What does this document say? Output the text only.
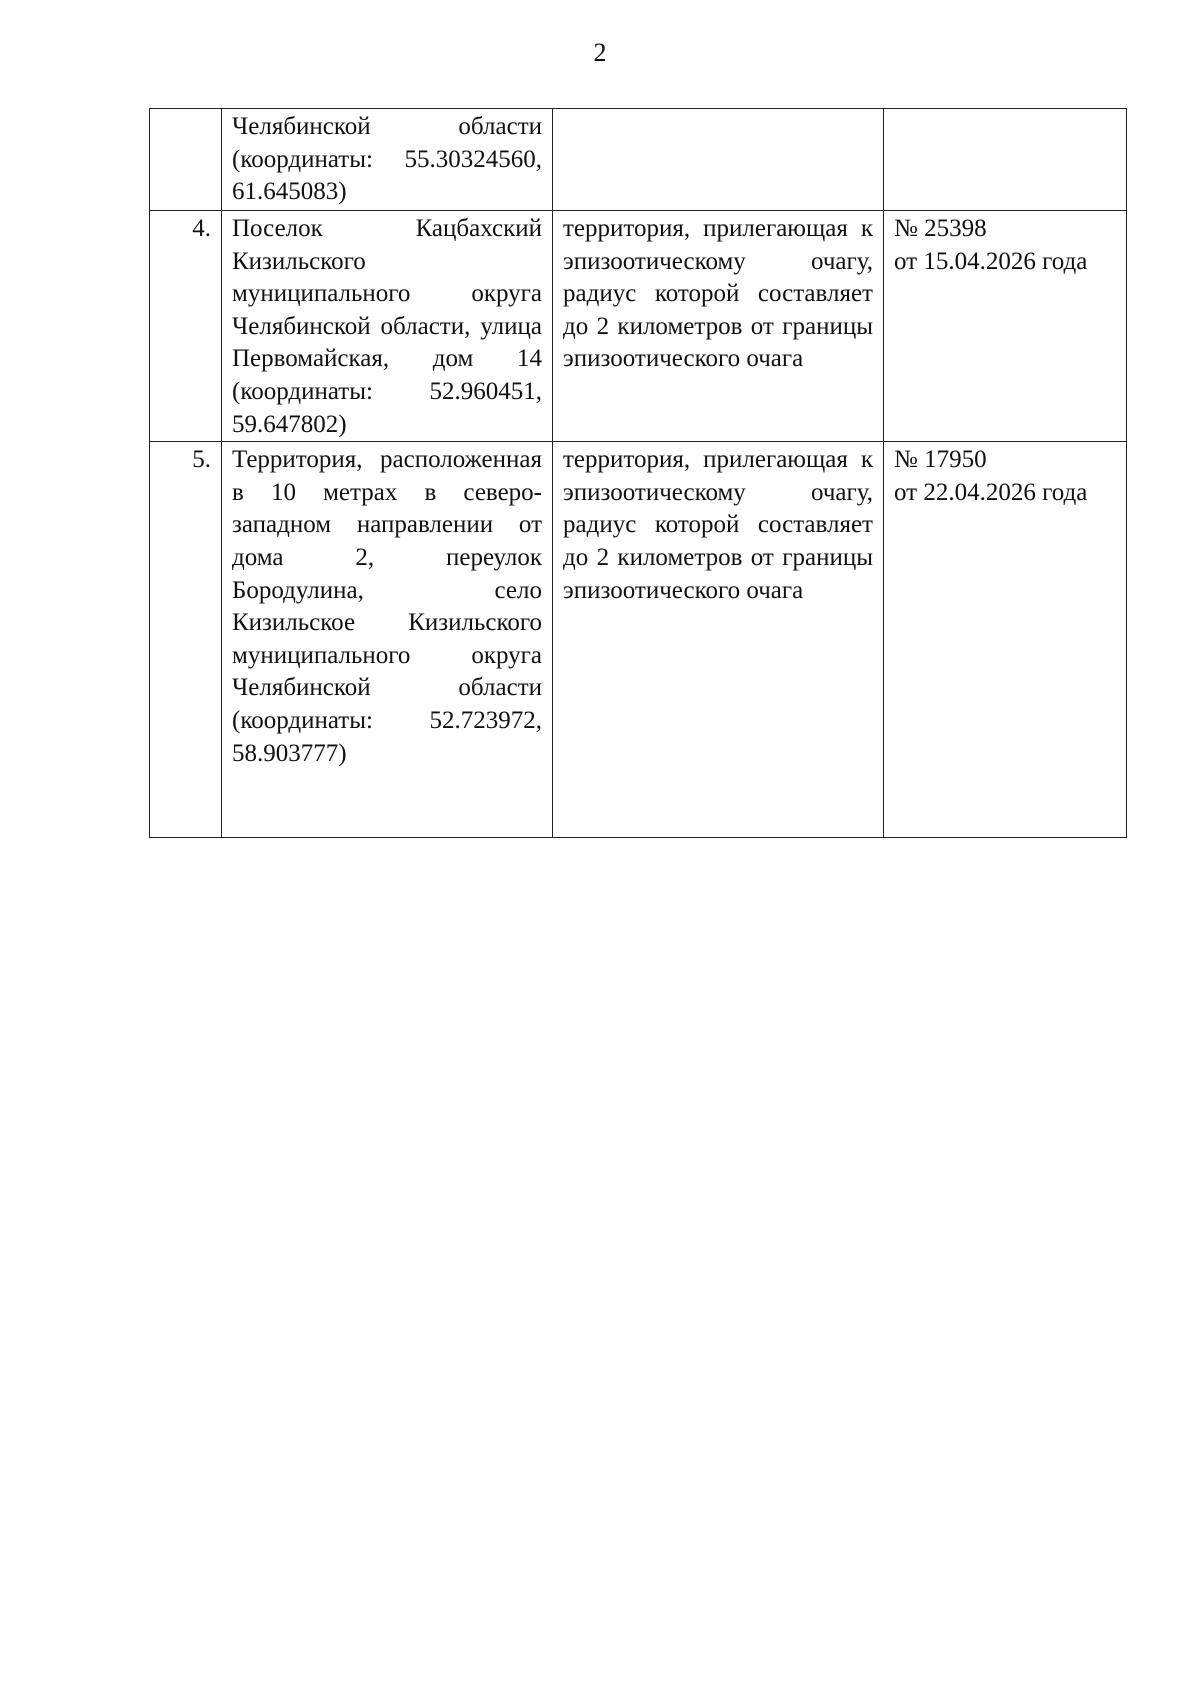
2
	Челябинской области (координаты: 55.30324560, 61.645083)		

4.	Поселок Кацбахский Кизильского муниципального округа Челябинской области, улица Первомайская, дом 14 (координаты: 52.960451, 59.647802)	территория, прилегающая к эпизоотическому очагу, радиус которой составляет до 2 километров от границы эпизоотического очага	№ 25398
от 15.04.2026 года

5.	Территория, расположенная в 10 метрах в северо-западном направлении от дома 2, переулок Бородулина, село Кизильское Кизильского муниципального округа Челябинской области (координаты: 52.723972, 58.903777)	территория, прилегающая к эпизоотическому очагу, радиус которой составляет до 2 километров от границы эпизоотического очага	№ 17950
от 22.04.2026 года
